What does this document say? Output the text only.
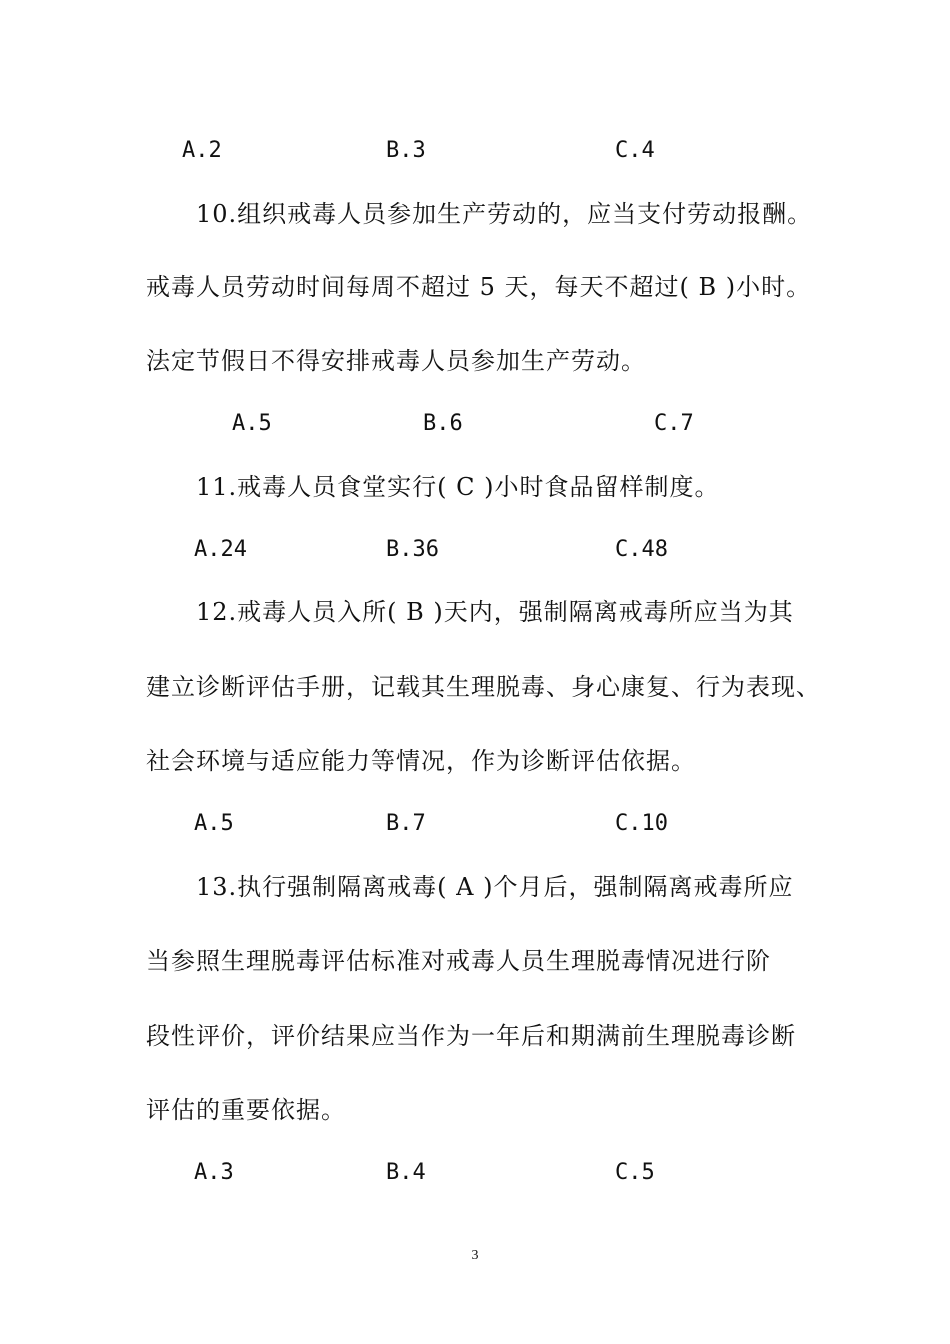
A.2	B.3	C.4
10.组织戒毒人员参加生产劳动的，应当支付劳动报酬。
戒毒人员劳动时间每周不超过 5 天，每天不超过( B )小时。
法定节假日不得安排戒毒人员参加生产劳动。
A.5	B.6	C.7
11.戒毒人员食堂实行( C )小时食品留样制度。
A.24	B.36	C.48
12.戒毒人员入所( B )天内，强制隔离戒毒所应当为其
建立诊断评估手册，记载其生理脱毒、身心康复、行为表现、
社会环境与适应能力等情况，作为诊断评估依据。
A.5	B.7	C.10
13.执行强制隔离戒毒( A )个月后，强制隔离戒毒所应
当参照生理脱毒评估标准对戒毒人员生理脱毒情况进行阶
段性评价，评价结果应当作为一年后和期满前生理脱毒诊断
评估的重要依据。
A.3	B.4	C.5
3
